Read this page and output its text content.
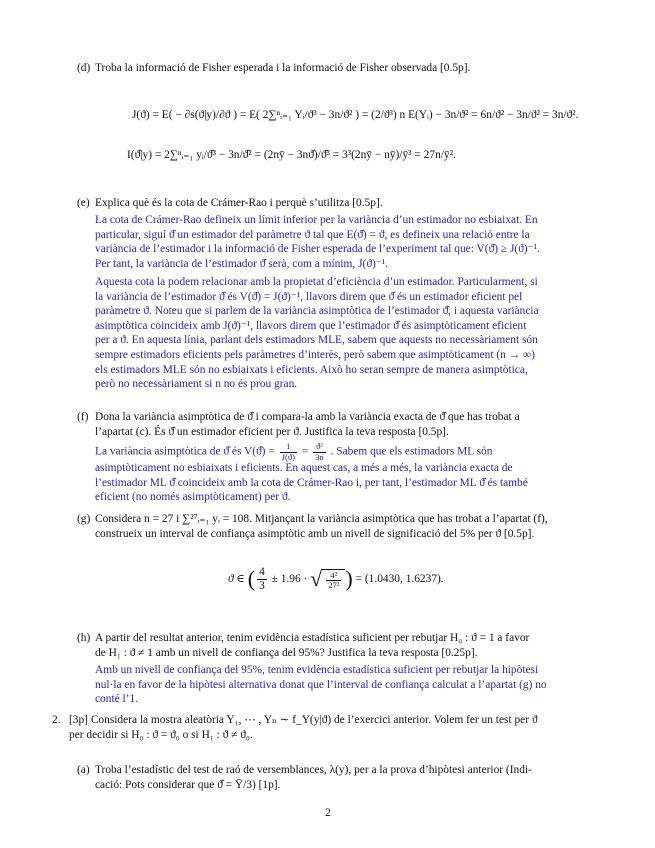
(d) Troba la informació de Fisher esperada i la informació de Fisher observada [0.5p].
J(ϑ) = E( − ∂s(ϑ|y)/∂ϑ ) = E( 2∑ⁿᵢ₌₁ Yᵢ/ϑ³ − 3n/ϑ² ) = (2/ϑ³) n E(Yᵢ) − 3n/ϑ² = 6n/ϑ² − 3n/ϑ² = 3n/ϑ².
I(ϑ̂|y) = 2∑ⁿᵢ₌₁ yᵢ/ϑ̂³ − 3n/ϑ̂² = (2nȳ − 3nϑ̂)/ϑ̂³ = 3³(2nȳ − nȳ)/ȳ³ = 27n/ȳ².
(e) Explica què és la cota de Crámer-Rao i perquè s’utilitza [0.5p].
La cota de Crámer-Rao defineix un límit inferior per la variància d’un estimador no esbiaixat. En
particular, siguí ϑ̂ un estimador del paràmetre ϑ tal que E(ϑ̂) = ϑ, es defineix una relació entre la
variància de l’estimador i la informació de Fisher esperada de l’experiment tal que: V(ϑ̂) ≥ J(ϑ)⁻¹.
Per tant, la variància de l’estimador ϑ̂ serà, com a mínim, J(ϑ)⁻¹.
Aquesta cota la podem relacionar amb la propietat d’eficiència d’un estimador. Particularment, si
la variància de l’estimador ϑ̂ és V(ϑ̂) = J(ϑ)⁻¹, llavors direm que ϑ̂ és un estimador eficient pel
paràmetre ϑ. Noteu que si parlem de la variància asimptòtica de l’estimador ϑ̂, i aquesta variància
asimptòtica coincideix amb J(ϑ)⁻¹, llavors direm que l’estimador ϑ̂ és asimptòticament eficient
per a ϑ. En aquesta línia, parlant dels estimadors MLE, sabem que aquests no necessàriament són
sempre estimadors eficients pels paràmetres d’interès, però sabem que asimptòticament (n → ∞)
els estimadors MLE són no esbiaixats i eficients. Això ho seran sempre de manera asimptòtica,
però no necessàriament si n no és prou gran.
(f) Dona la variància asimptòtica de ϑ̂ i compara-la amb la variància exacta de ϑ̂ que has trobat a
l’apartat (c). És ϑ̂ un estimador eficient per ϑ. Justifica la teva resposta [0.5p].
La variància asimptòtica de ϑ̂ és V(ϑ̂) = $\frac{1}{J(ϑ)} = \frac{\text{ϑ²}}{3n}$ . Sabem que els estimadors ML són
asimptòticament no esbiaixats i eficients. En aquest cas, a més a més, la variància exacta de
l’estimador ML ϑ̂ coincideix amb la cota de Crámer-Rao i, per tant, l’estimador ML ϑ̂ és també
eficient (no només asimptòticament) per ϑ.
(g) Considera n = 27 i ∑²⁷ᵢ₌₁ yᵢ = 108. Mitjançant la variància asimptòtica que has trobat a l’apartat (f),
construeix un interval de confiança asimptòtic amb un nivell de significació del 5% per ϑ [0.5p].
ϑ ∈ ( $\frac{4}{3} \pm 1.96$ · √ $\frac{\text{4²}}{\text{27²}}$ ) = (1.0430, 1.6237).
(h) A partir del resultat anterior, tenim evidència estadística suficient per rebutjar H₀ : ϑ = 1 a favor
de H₁ : ϑ ≠ 1 amb un nivell de confiança del 95%? Justifica la teva resposta [0.25p].
Amb un nivell de confiança del 95%, tenim evidència estadística suficient per rebutjar la hipòtesi
nul·la en favor de la hipòtesi alternativa donat que l’interval de confiança calculat a l’apartat (g) no
conté l’1.
2. [3p] Considera la mostra aleatòria Y₁, ⋯ , Yₙ ∼ f_Y(y|ϑ) de l’exercici anterior. Volem fer un test per ϑ
per decidir si H₀ : ϑ = ϑ₀ o si H₁ : ϑ ≠ ϑ₀.
(a) Troba l’estadístic del test de raó de versemblances, λ(y), per a la prova d’hipòtesi anterior (Indi-
cació: Pots considerar que ϑ̂ = Ȳ/3) [1p].
2
